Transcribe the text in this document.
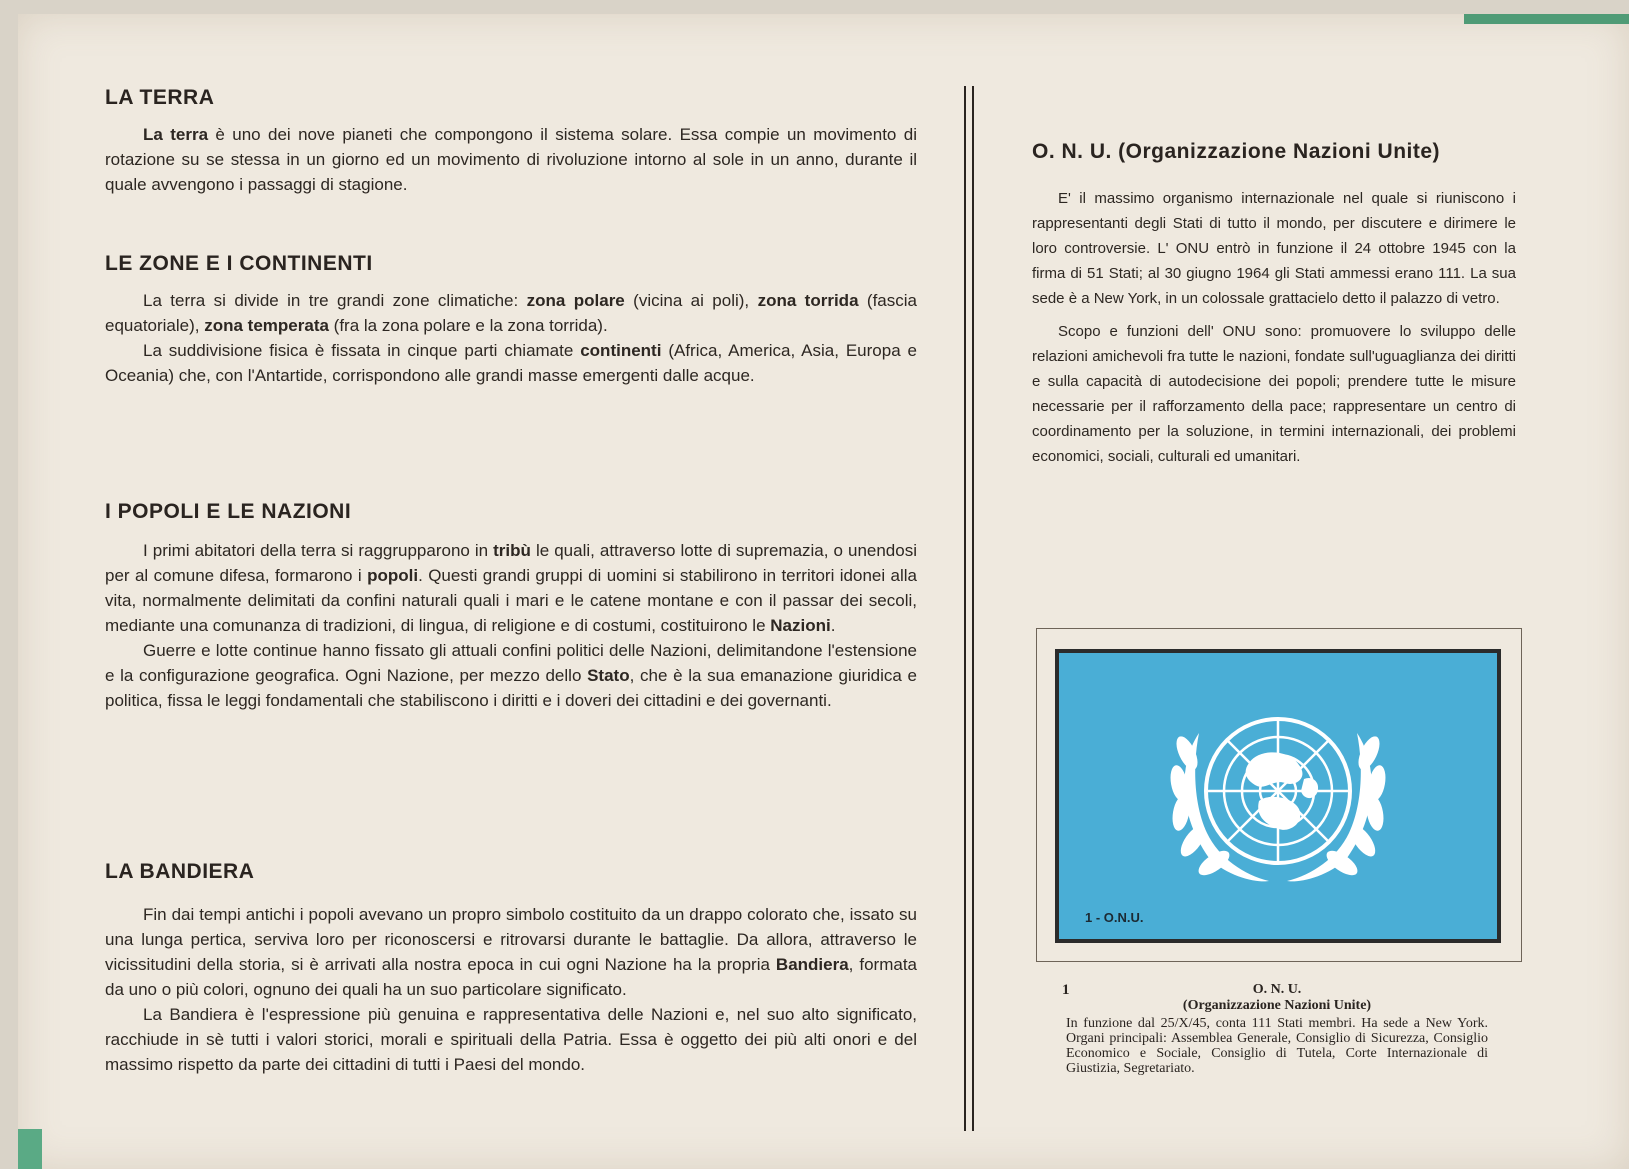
LA TERRA

La terra è uno dei nove pianeti che compongono il sistema solare. Essa compie un movimento di rotazione su se stessa in un giorno ed un movimento di rivoluzione intorno al sole in un anno, durante il quale avvengono i passaggi di stagione.

LE ZONE E I CONTINENTI

La terra si divide in tre grandi zone climatiche: zona polare (vicina ai poli), zona torrida (fascia equatoriale), zona temperata (fra la zona polare e la zona torrida).

La suddivisione fisica è fissata in cinque parti chiamate continenti (Africa, America, Asia, Europa e Oceania) che, con l'Antartide, corrispondono alle grandi masse emergenti dalle acque.

I POPOLI E LE NAZIONI

I primi abitatori della terra si raggrupparono in tribù le quali, attraverso lotte di supremazia, o unendosi per al comune difesa, formarono i popoli. Questi grandi gruppi di uomini si stabilirono in territori idonei alla vita, normalmente delimitati da confini naturali quali i mari e le catene montane e con il passar dei secoli, mediante una comunanza di tradizioni, di lingua, di religione e di costumi, costituirono le Nazioni.

Guerre e lotte continue hanno fissato gli attuali confini politici delle Nazioni, delimitandone l'estensione e la configurazione geografica. Ogni Nazione, per mezzo dello Stato, che è la sua emanazione giuridica e politica, fissa le leggi fondamentali che stabiliscono i diritti e i doveri dei cittadini e dei governanti.

LA BANDIERA

Fin dai tempi antichi i popoli avevano un propro simbolo costituito da un drappo colorato che, issato su una lunga pertica, serviva loro per riconoscersi e ritrovarsi durante le battaglie. Da allora, attraverso le vicissitudini della storia, si è arrivati alla nostra epoca in cui ogni Nazione ha la propria Bandiera, formata da uno o più colori, ognuno dei quali ha un suo particolare significato.

La Bandiera è l'espressione più genuina e rappresentativa delle Nazioni e, nel suo alto significato, racchiude in sè tutti i valori storici, morali e spirituali della Patria. Essa è oggetto dei più alti onori e del massimo rispetto da parte dei cittadini di tutti i Paesi del mondo.

O. N. U. (Organizzazione Nazioni Unite)

E' il massimo organismo internazionale nel quale si riuniscono i rappresentanti degli Stati di tutto il mondo, per discutere e dirimere le loro controversie. L' ONU entrò in funzione il 24 ottobre 1945 con la firma di 51 Stati; al 30 giugno 1964 gli Stati ammessi erano 111. La sua sede è a New York, in un colossale grattacielo detto il palazzo di vetro.

Scopo e funzioni dell' ONU sono: promuovere lo sviluppo delle relazioni amichevoli fra tutte le nazioni, fondate sull'uguaglianza dei diritti e sulla capacità di autodecisione dei popoli; prendere tutte le misure necessarie per il rafforzamento della pace; rappresentare un centro di coordinamento per la soluzione, in termini internazionali, dei problemi economici, sociali, culturali ed umanitari.

1 - O.N.U.
1	O. N. U.
(Organizzazione Nazioni Unite)
In funzione dal 25/X/45, conta 111 Stati membri. Ha sede a New York. Organi principali: Assemblea Generale, Consiglio di Sicurezza, Consiglio Economico e Sociale, Consiglio di Tutela, Corte Internazionale di Giustizia, Segretariato.
